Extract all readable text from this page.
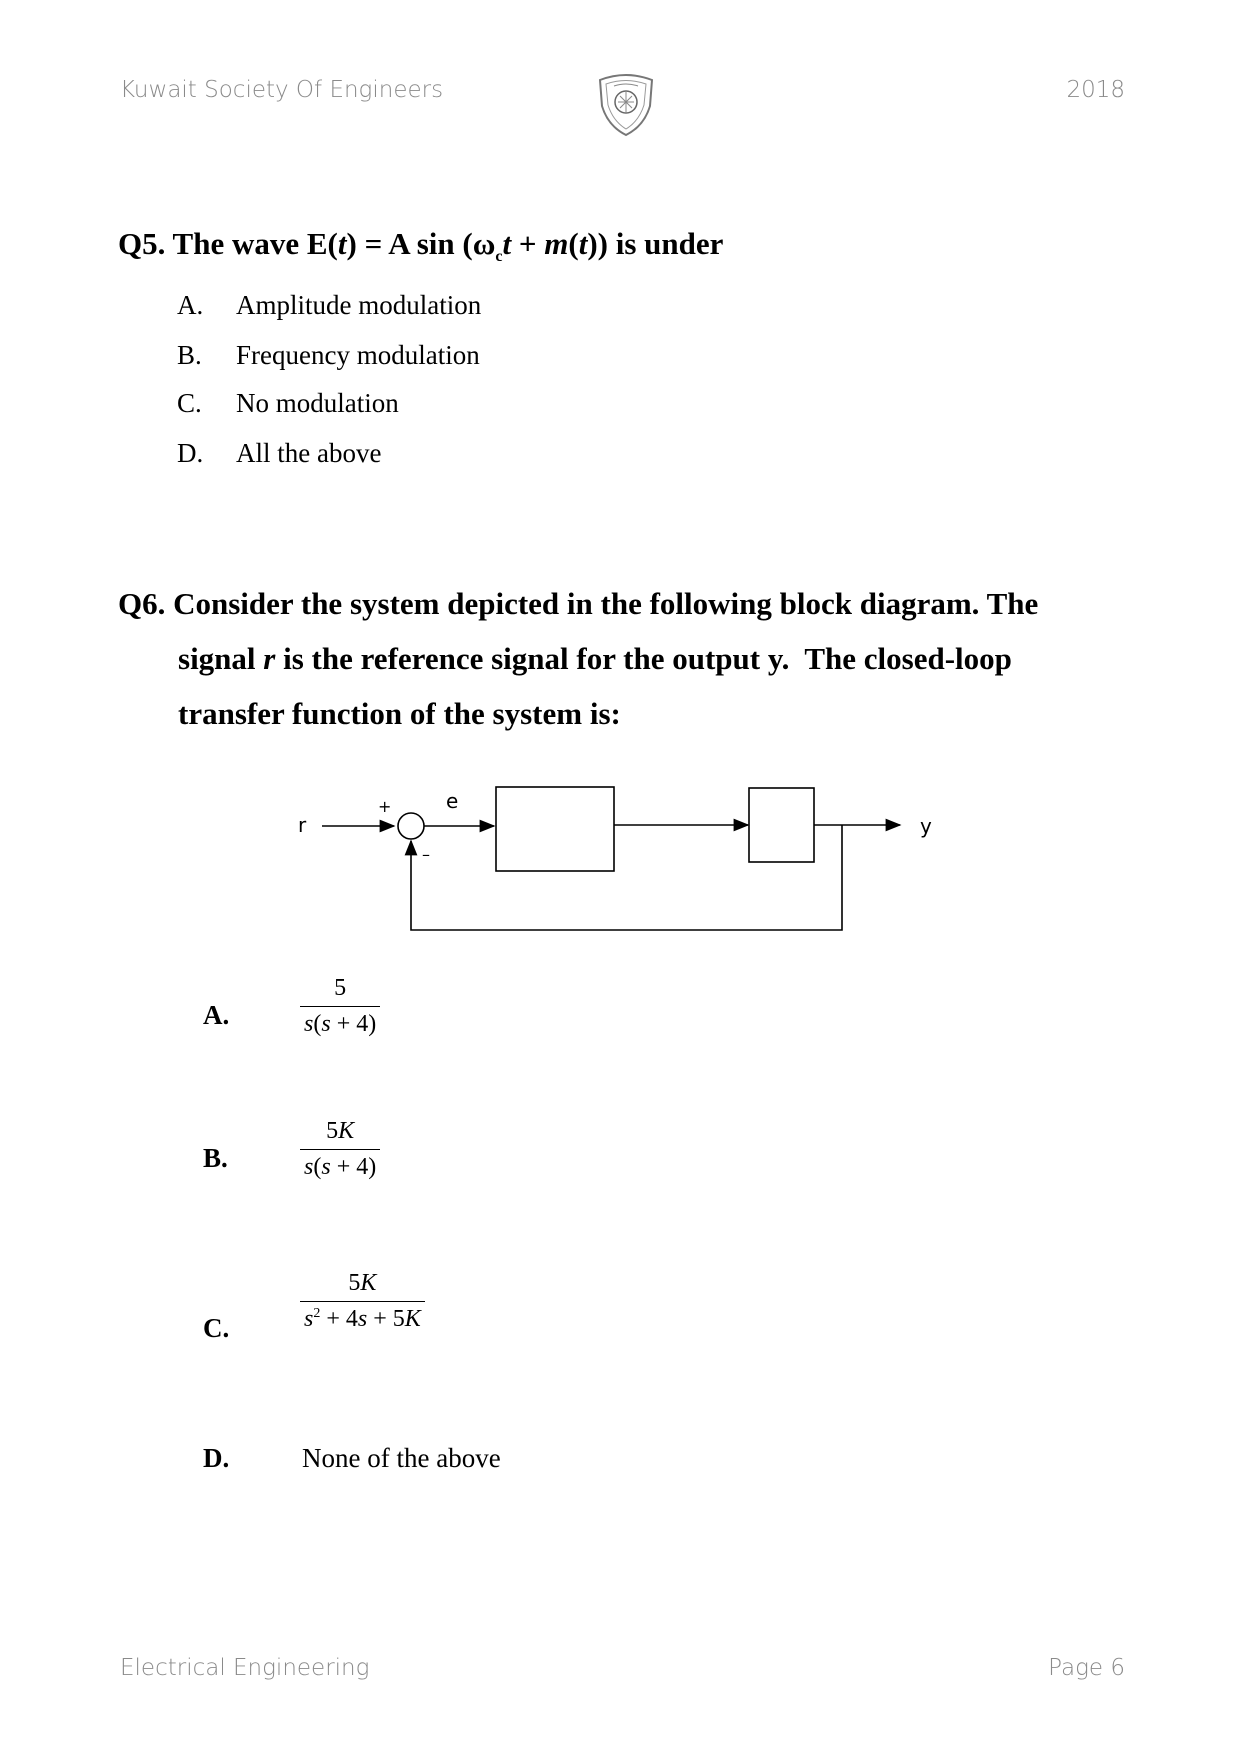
Kuwait Society Of Engineers	2018
Q5. The wave E(t) = A $\sin (\omega_ct + m(t))$ is under
A. Amplitude modulation
B. Frequency modulation
C. No modulation
D. All the above
Q6. Consider the system depicted in the following block diagram. The
signal r is the reference signal for the output y.  The closed-loop
transfer function of the system is:
r
+
–
e
y
A.	$\frac{5}{s(s + 4)}$
B.	$\frac{5K}{s(s + 4)}$
C.	$\frac{5K}{s^2 + 4s + 5K}$
D.	None of the above
Electrical Engineering	Page 6
